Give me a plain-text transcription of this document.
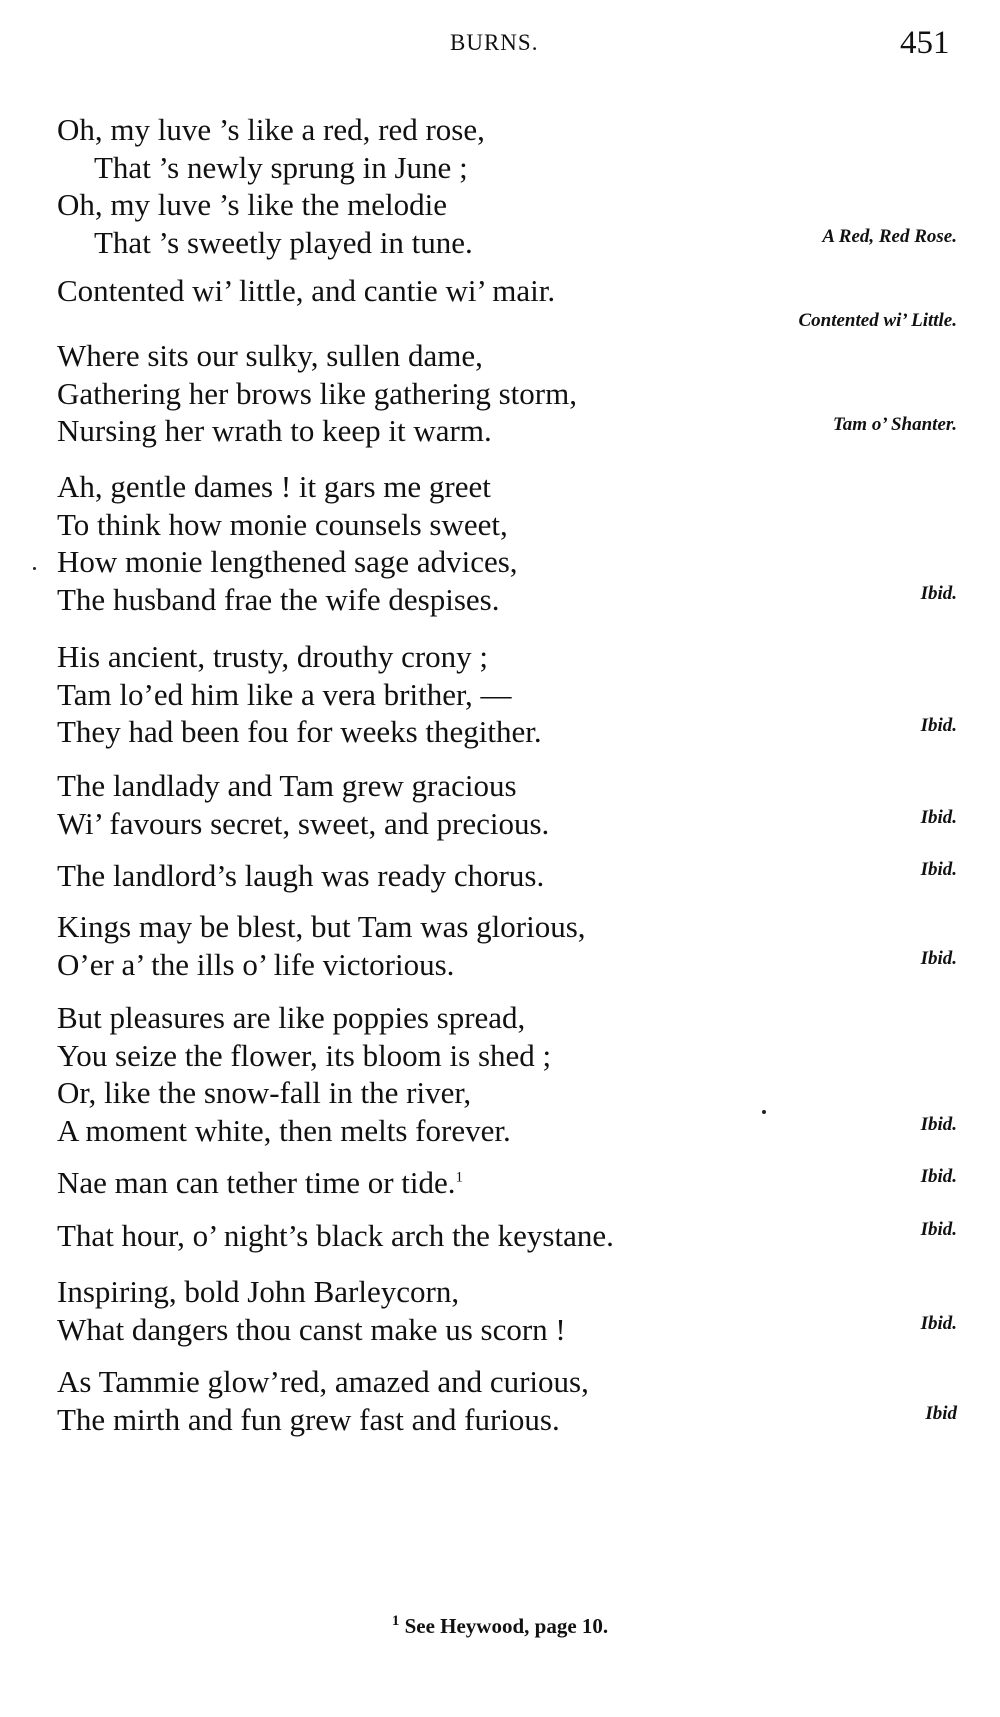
BURNS.	451
Oh, my luve ’s like a red, red rose,
That ’s newly sprung in June ;
Oh, my luve ’s like the melodie
That ’s sweetly played in tune.	A Red, Red Rose.
Contented wi’ little, and cantie wi’ mair.
Contented wi’ Little.
Where sits our sulky, sullen dame,
Gathering her brows like gathering storm,
Nursing her wrath to keep it warm.	Tam o’ Shanter.
Ah, gentle dames ! it gars me greet
To think how monie counsels sweet,
How monie lengthened sage advices,
The husband frae the wife despises.	Ibid.
His ancient, trusty, drouthy crony ;
Tam lo’ed him like a vera brither, —
They had been fou for weeks thegither.	Ibid.
The landlady and Tam grew gracious
Wi’ favours secret, sweet, and precious.	Ibid.
The landlord’s laugh was ready chorus.	Ibid.
Kings may be blest, but Tam was glorious,
O’er a’ the ills o’ life victorious.	Ibid.
But pleasures are like poppies spread,
You seize the flower, its bloom is shed ;
Or, like the snow-fall in the river,
A moment white, then melts forever.	Ibid.
Nae man can tether time or tide.$^1$	Ibid.
That hour, o’ night’s black arch the keystane.	Ibid.
Inspiring, bold John Barleycorn,
What dangers thou canst make us scorn !	Ibid.
As Tammie glow’red, amazed and curious,
The mirth and fun grew fast and furious.	Ibid
$^1$ See Heywood, page 10.
